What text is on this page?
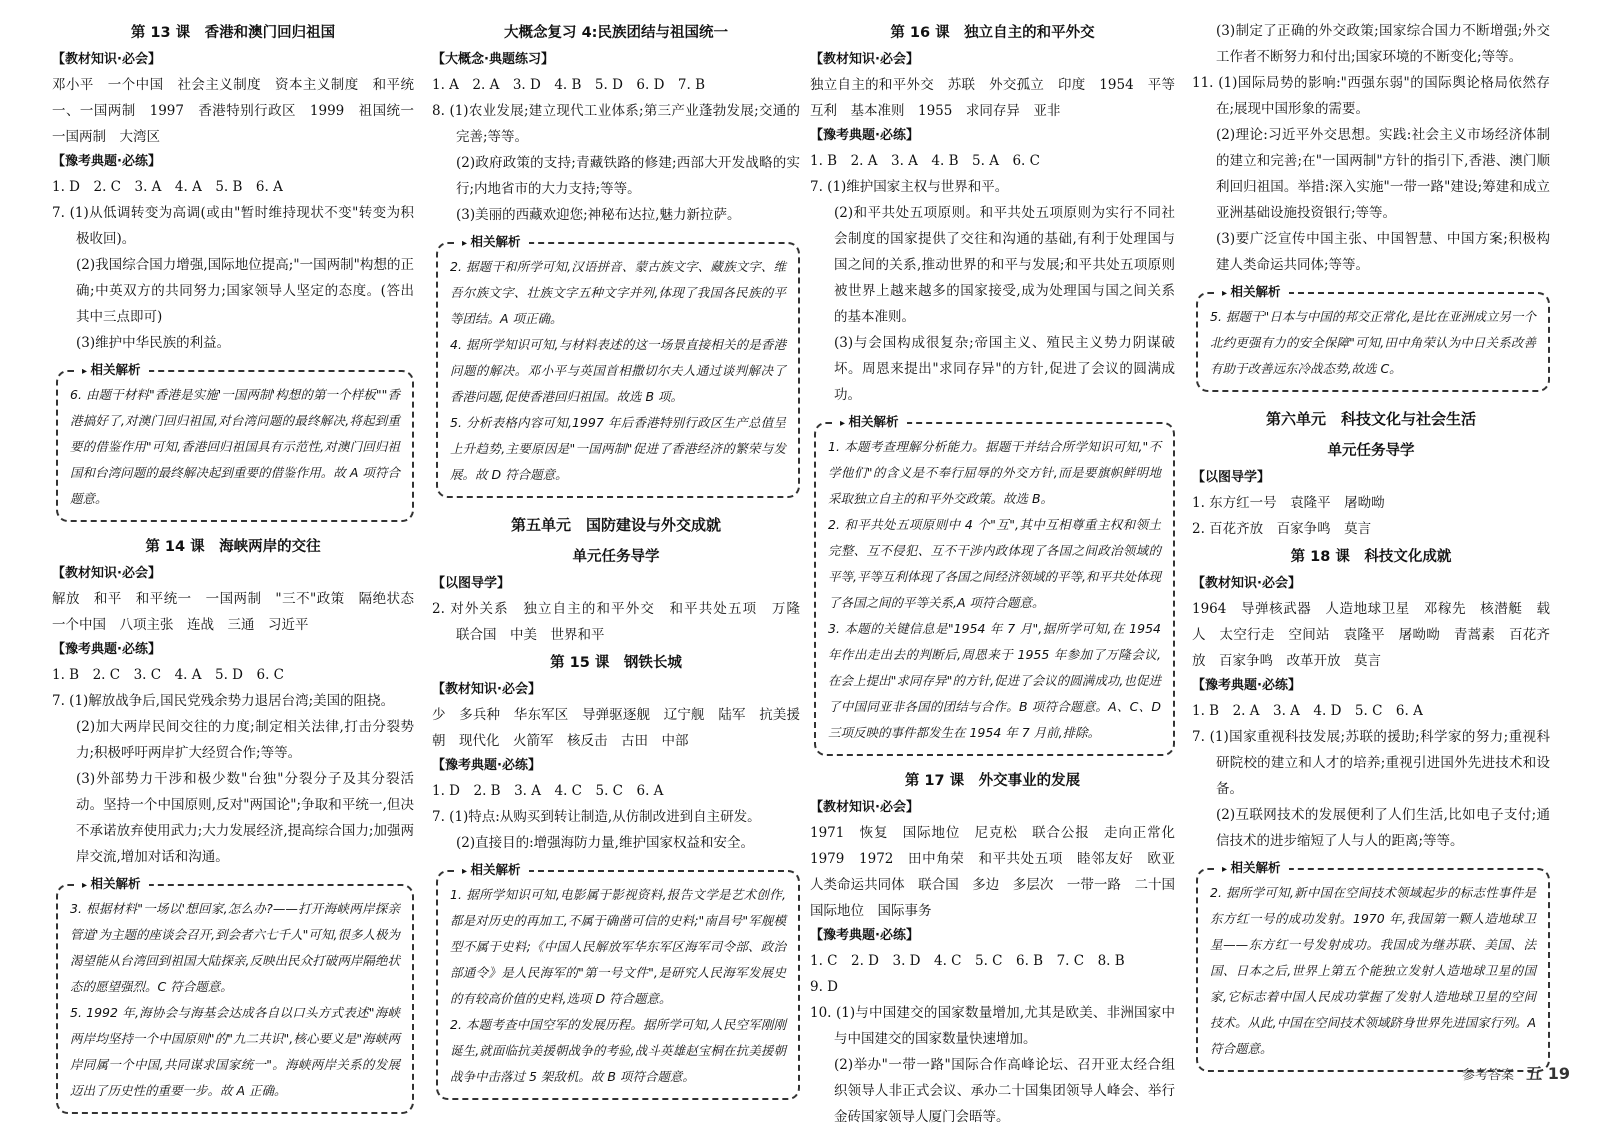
第 13 课　香港和澳门回归祖国
【教材知识·必会】

邓小平　一个中国　社会主义制度　资本主义制度　和平统一、一国两制　1997　香港特别行政区　1999　祖国统一　一国两制　大湾区

【豫考典题·必练】

1. D　2. C　3. A　4. A　5. B　6. A

7. (1)从低调转变为高调(或由"暂时维持现状不变"转变为积极收回)。

(2)我国综合国力增强,国际地位提高;"一国两制"构想的正确;中英双方的共同努力;国家领导人坚定的态度。(答出其中三点即可)

(3)维护中华民族的利益。

▸ 相关解析

6. 由题干材料"香港是实施'一国两制'构想的第一个样板""香港搞好了,对澳门回归祖国,对台湾问题的最终解决,将起到重要的借鉴作用"可知,香港回归祖国具有示范性,对澳门回归祖国和台湾问题的最终解决起到重要的借鉴作用。故 A 项符合题意。

第 14 课　海峡两岸的交往
【教材知识·必会】

解放　和平　和平统一　一国两制　"三不"政策　隔绝状态　一个中国　八项主张　连战　三通　习近平

【豫考典题·必练】

1. B　2. C　3. C　4. A　5. D　6. C

7. (1)解放战争后,国民党残余势力退居台湾;美国的阻挠。

(2)加大两岸民间交往的力度;制定相关法律,打击分裂势力;积极呼吁两岸扩大经贸合作;等等。

(3)外部势力干涉和极少数"台独"分裂分子及其分裂活动。坚持一个中国原则,反对"两国论";争取和平统一,但决不承诺放弃使用武力;大力发展经济,提高综合国力;加强两岸交流,增加对话和沟通。

▸ 相关解析

3. 根据材料"一场以'想回家,怎么办?——打开海峡两岸探亲管道'为主题的座谈会召开,到会者六七千人"可知,很多人极为渴望能从台湾回到祖国大陆探亲,反映出民众打破两岸隔绝状态的愿望强烈。C 符合题意。

5. 1992 年,海协会与海基会达成各自以口头方式表述"海峡两岸均坚持一个中国原则"的"九二共识",核心要义是"海峡两岸同属一个中国,共同谋求国家统一"。海峡两岸关系的发展迈出了历史性的重要一步。故 A 正确。

大概念复习 4:民族团结与祖国统一
【大概念·典题练习】

1. A　2. A　3. D　4. B　5. D　6. D　7. B

8. (1)农业发展;建立现代工业体系;第三产业蓬勃发展;交通的完善;等等。

(2)政府政策的支持;青藏铁路的修建;西部大开发战略的实行;内地省市的大力支持;等等。

(3)美丽的西藏欢迎您;神秘布达拉,魅力新拉萨。

▸ 相关解析

2. 据题干和所学可知,汉语拼音、蒙古族文字、藏族文字、维吾尔族文字、壮族文字五种文字并列,体现了我国各民族的平等团结。A 项正确。

4. 据所学知识可知,与材料表述的这一场景直接相关的是香港问题的解决。邓小平与英国首相撒切尔夫人通过谈判解决了香港问题,促使香港回归祖国。故选 B 项。

5. 分析表格内容可知,1997 年后香港特别行政区生产总值呈上升趋势,主要原因是"一国两制"促进了香港经济的繁荣与发展。故 D 符合题意。

第五单元　国防建设与外交成就
单元任务导学
【以图导学】

2. 对外关系　独立自主的和平外交　和平共处五项　万隆　联合国　中美　世界和平

第 15 课　钢铁长城
【教材知识·必会】

少　多兵种　华东军区　导弹驱逐舰　辽宁舰　陆军　抗美援朝　现代化　火箭军　核反击　古田　中部

【豫考典题·必练】

1. D　2. B　3. A　4. C　5. C　6. A

7. (1)特点:从购买到转让制造,从仿制改进到自主研发。

(2)直接目的:增强海防力量,维护国家权益和安全。

▸ 相关解析

1. 据所学知识可知,电影属于影视资料,报告文学是艺术创作,都是对历史的再加工,不属于确凿可信的史料;"南昌号"军舰模型不属于史料;《中国人民解放军华东军区海军司令部、政治部通令》是人民海军的"第一号文件",是研究人民海军发展史的有较高价值的史料,选项 D 符合题意。

2. 本题考查中国空军的发展历程。据所学可知,人民空军刚刚诞生,就面临抗美援朝战争的考验,战斗英雄赵宝桐在抗美援朝战争中击落过 5 架敌机。故 B 项符合题意。

第 16 课　独立自主的和平外交
【教材知识·必会】

独立自主的和平外交　苏联　外交孤立　印度　1954　平等互利　基本准则　1955　求同存异　亚非

【豫考典题·必练】

1. B　2. A　3. A　4. B　5. A　6. C

7. (1)维护国家主权与世界和平。

(2)和平共处五项原则。和平共处五项原则为实行不同社会制度的国家提供了交往和沟通的基础,有利于处理国与国之间的关系,推动世界的和平与发展;和平共处五项原则被世界上越来越多的国家接受,成为处理国与国之间关系的基本准则。

(3)与会国构成很复杂;帝国主义、殖民主义势力阴谋破坏。周恩来提出"求同存异"的方针,促进了会议的圆满成功。

▸ 相关解析

1. 本题考查理解分析能力。据题干并结合所学知识可知,"不学他们"的含义是不奉行屈辱的外交方针,而是要旗帜鲜明地采取独立自主的和平外交政策。故选 B。

2. 和平共处五项原则中 4 个"互",其中互相尊重主权和领土完整、互不侵犯、互不干涉内政体现了各国之间政治领域的平等,平等互利体现了各国之间经济领域的平等,和平共处体现了各国之间的平等关系,A 项符合题意。

3. 本题的关键信息是"1954 年 7 月",据所学可知,在 1954 年作出走出去的判断后,周恩来于 1955 年参加了万隆会议,在会上提出"求同存异"的方针,促进了会议的圆满成功,也促进了中国同亚非各国的团结与合作。B 项符合题意。A、C、D 三项反映的事件都发生在 1954 年 7 月前,排除。

第 17 课　外交事业的发展
【教材知识·必会】

1971　恢复　国际地位　尼克松　联合公报　走向正常化　1979　1972　田中角荣　和平共处五项　睦邻友好　欧亚　人类命运共同体　联合国　多边　多层次　一带一路　二十国　国际地位　国际事务

【豫考典题·必练】

1. C　2. D　3. D　4. C　5. C　6. B　7. C　8. B

9. D

10. (1)与中国建交的国家数量增加,尤其是欧美、非洲国家中与中国建交的国家数量快速增加。

(2)举办"一带一路"国际合作高峰论坛、召开亚太经合组织领导人非正式会议、承办二十国集团领导人峰会、举行金砖国家领导人厦门会晤等。

(3)制定了正确的外交政策;国家综合国力不断增强;外交工作者不断努力和付出;国家环境的不断变化;等等。

11. (1)国际局势的影响:"西强东弱"的国际舆论格局依然存在;展现中国形象的需要。

(2)理论:习近平外交思想。实践:社会主义市场经济体制的建立和完善;在"一国两制"方针的指引下,香港、澳门顺利回归祖国。举措:深入实施"一带一路"建设;筹建和成立亚洲基础设施投资银行;等等。

(3)要广泛宣传中国主张、中国智慧、中国方案;积极构建人类命运共同体;等等。

▸ 相关解析

5. 据题干"日本与中国的邦交正常化,是比在亚洲成立另一个北约更强有力的安全保障"可知,田中角荣认为中日关系改善有助于改善远东冷战态势,故选 C。

第六单元　科技文化与社会生活
单元任务导学
【以图导学】

1. 东方红一号　袁隆平　屠呦呦

2. 百花齐放　百家争鸣　莫言

第 18 课　科技文化成就
【教材知识·必会】

1964　导弹核武器　人造地球卫星　邓稼先　核潜艇　载人　太空行走　空间站　袁隆平　屠呦呦　青蒿素　百花齐放　百家争鸣　改革开放　莫言

【豫考典题·必练】

1. B　2. A　3. A　4. D　5. C　6. A

7. (1)国家重视科技发展;苏联的援助;科学家的努力;重视科研院校的建立和人才的培养;重视引进国外先进技术和设备。

(2)互联网技术的发展便利了人们生活,比如电子支付;通信技术的进步缩短了人与人的距离;等等。

▸ 相关解析

2. 据所学可知,新中国在空间技术领域起步的标志性事件是东方红一号的成功发射。1970 年,我国第一颗人造地球卫星——东方红一号发射成功。我国成为继苏联、美国、法国、日本之后,世界上第五个能独立发射人造地球卫星的国家,它标志着中国人民成功掌握了发射人造地球卫星的空间技术。从此,中国在空间技术领域跻身世界先进国家行列。A 符合题意。

参考答案 五 19
